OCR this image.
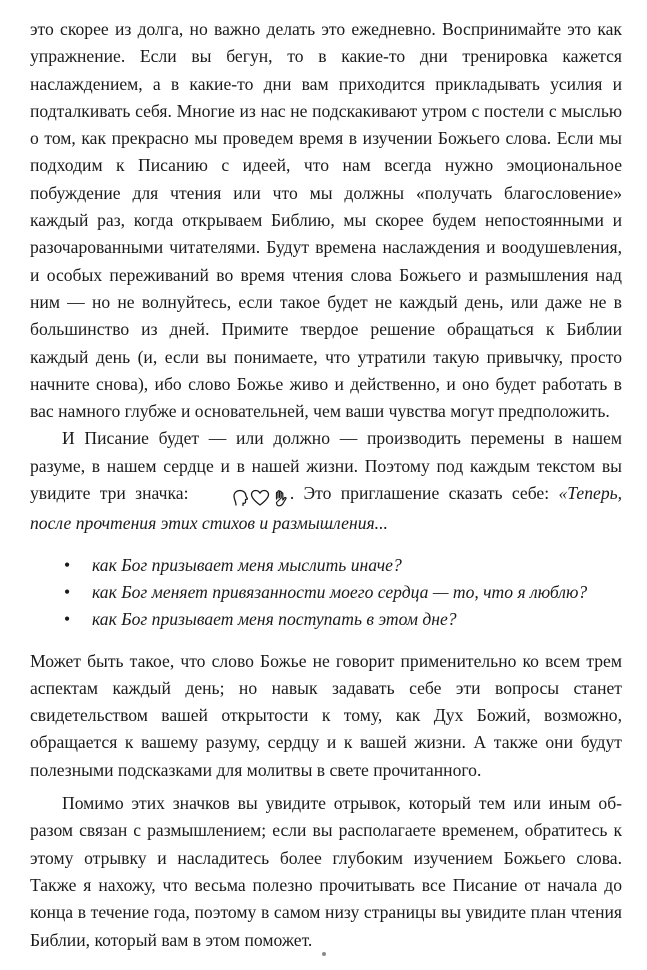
это скорее из долга, но важно делать это ежедневно. Воспринимайте это как упражнение. Если вы бегун, то в какие-то дни тренировка кажется наслаждением, а в какие-то дни вам приходится прикладывать усилия и подталкивать себя. Многие из нас не подскакивают утром с постели с мыслью о том, как прекрасно мы проведем время в изучении Божьего слова. Если мы подходим к Писанию с идеей, что нам всегда нужно эмоциональное побуждение для чтения или что мы должны «получать благословение» каждый раз, когда открываем Библию, мы скорее будем непостоянными и разочарованными читателями. Будут времена наслаждения и воодушевления, и особых переживаний во время чтения слова Божьего и размышления над ним — но не волнуйтесь, если такое будет не каждый день, или даже не в большинство из дней. Примите твердое решение обращаться к Библии каждый день (и, если вы понимаете, что утратили такую привычку, просто начните снова), ибо слово Божье живо и действенно, и оно будет работать в вас намного глубже и основательней, чем ваши чувства могут предположить.

И Писание будет — или должно — производить перемены в нашем разуме, в нашем сердце и в нашей жизни. Поэтому под каждым текстом вы увидите три значка:	. Это приглашение сказать себе: «Теперь, после прочтения этих стихов и размышления...

• как Бог призывает меня мыслить иначе?
• как Бог меняет привязанности моего сердца — то, что я люблю?
• как Бог призывает меня поступать в этом дне?

Может быть такое, что слово Божье не говорит применительно ко всем трем аспектам каждый день; но навык задавать себе эти вопросы станет свидетельством вашей открытости к тому, как Дух Божий, возможно, обращается к вашему разуму, сердцу и к вашей жизни. А также они будут полезными подсказками для молитвы в свете прочитанного.

Помимо этих значков вы увидите отрывок, который тем или иным образом связан с размышлением; если вы располагаете временем, обратитесь к этому отрывку и насладитесь более глубоким изучением Божьего слова. Также я нахожу, что весьма полезно прочитывать все Писание от начала до конца в течение года, поэтому в самом низу страницы вы увидите план чтения Библии, который вам в этом поможет.
